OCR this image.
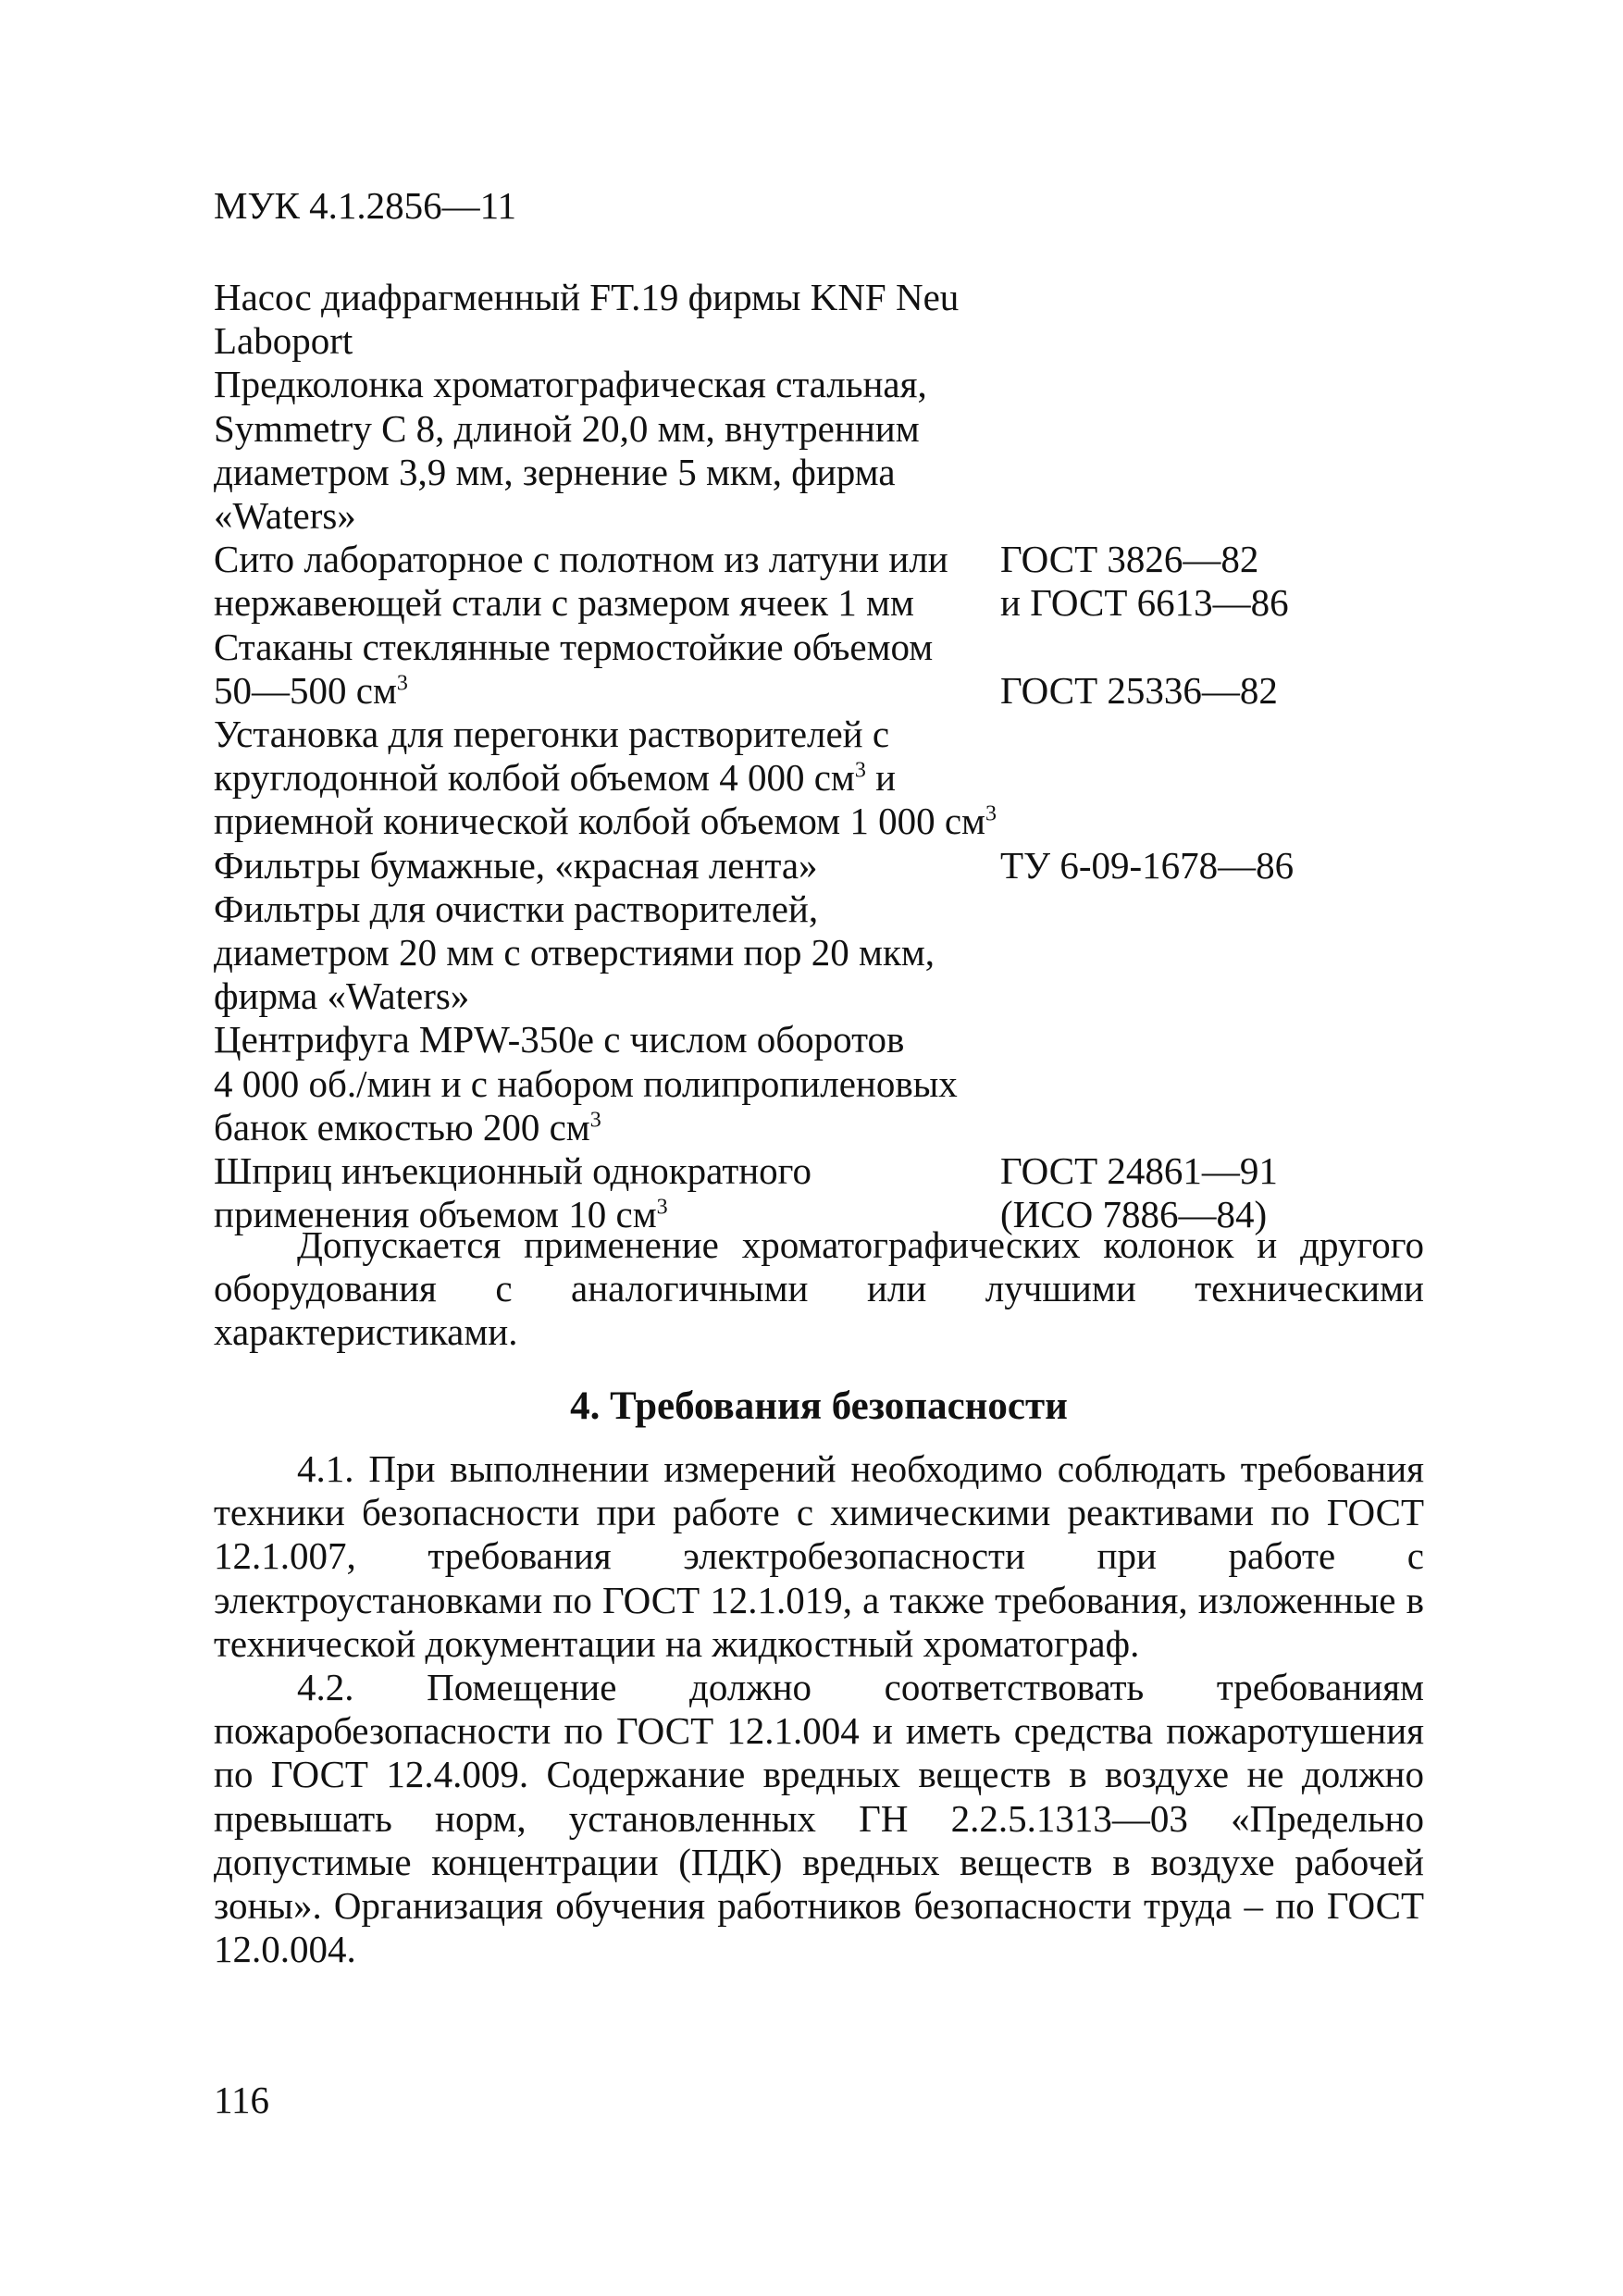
МУК 4.1.2856—11
Насос диафрагменный FT.19 фирмы KNF Neu
Laboport
Предколонка хроматографическая стальная,
Symmetry С 8, длиной 20,0 мм, внутренним
диаметром 3,9 мм, зернение 5 мкм, фирма
«Waters»
Сито лабораторное с полотном из латуни или
нержавеющей стали с размером ячеек 1 мм
ГОСТ 3826—82
и ГОСТ 6613—86
Стаканы стеклянные термостойкие объемом
50—500 $см^3$	ГОСТ 25336—82
Установка для перегонки растворителей с
круглодонной колбой объемом 4 000 $см^3$ и
приемной конической колбой объемом 1 000 $см^3$
Фильтры бумажные, «красная лента»	ТУ 6-09-1678—86
Фильтры для очистки растворителей,
диаметром 20 мм с отверстиями пор 20 мкм,
фирма «Waters»
Центрифуга MPW-350e с числом оборотов
4 000 об./мин и с набором полипропиленовых
банок емкостью 200 $см^3$
Шприц инъекционный однократного
применения объемом 10 $см^3$
ГОСТ 24861—91
(ИСО 7886—84)
Допускается применение хроматографических колонок и другого оборудования с аналогичными или лучшими техническими характеристиками.
4. Требования безопасности
4.1. При выполнении измерений необходимо соблюдать требования техники безопасности при работе с химическими реактивами по ГОСТ 12.1.007, требования электробезопасности при работе с электроустановками по ГОСТ 12.1.019, а также требования, изложенные в технической документации на жидкостный хроматограф.
4.2. Помещение должно соответствовать требованиям пожаробезопасности по ГОСТ 12.1.004 и иметь средства пожаротушения по ГОСТ 12.4.009. Содержание вредных веществ в воздухе не должно превышать норм, установленных ГН 2.2.5.1313—03 «Предельно допустимые концентрации (ПДК) вредных веществ в воздухе рабочей зоны». Организация обучения работников безопасности труда – по ГОСТ 12.0.004.
116
